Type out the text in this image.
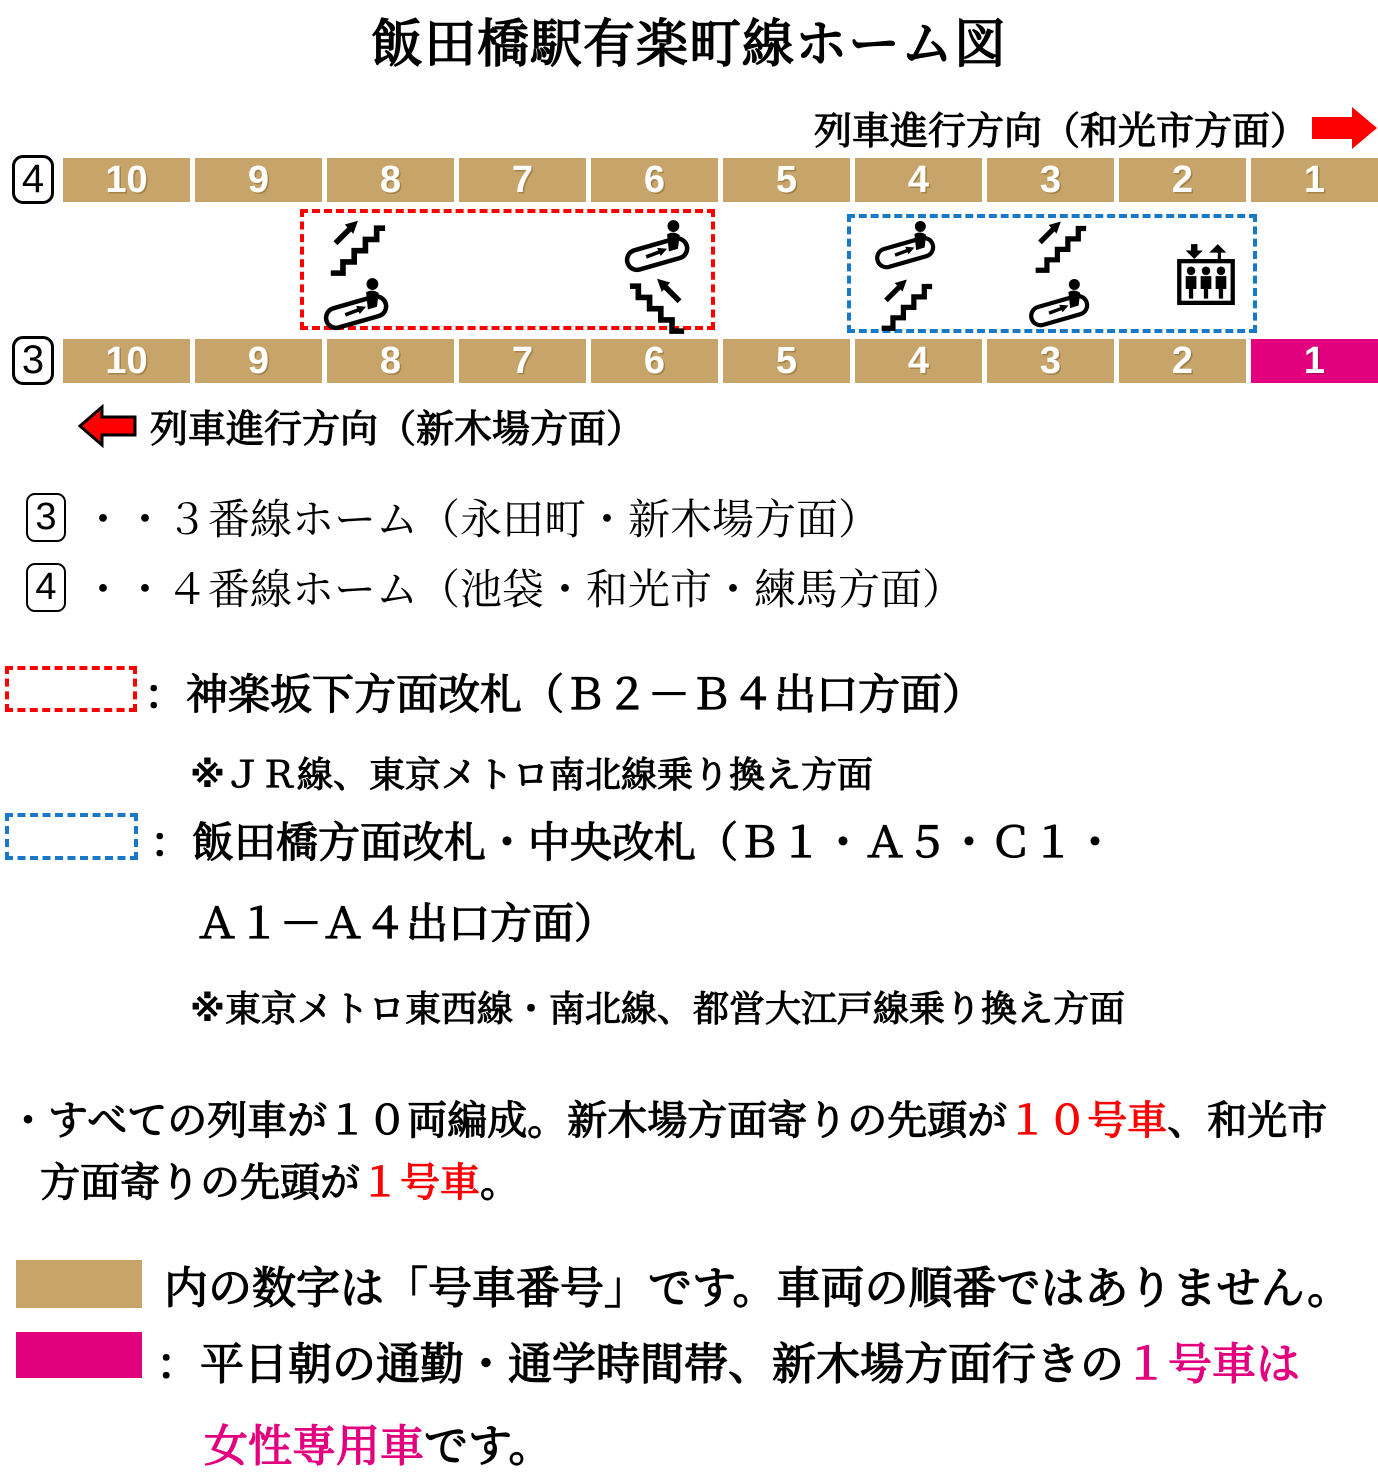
飯田橋駅有楽町線ホーム図
列車進行方向（和光市方面）
4	10	9	8	7	6	5	4	3	2	1
3	10	9	8	7	6	5	4	3	2	1
列車進行方向（新木場方面）
3 ・・３番線ホーム（永田町・新木場方面）
4 ・・４番線ホーム（池袋・和光市・練馬方面）
：神楽坂下方面改札（Ｂ２－Ｂ４出口方面）
※ＪＲ線、東京メトロ南北線乗り換え方面
：飯田橋方面改札・中央改札（Ｂ１・Ａ５・Ｃ１・
Ａ１－Ａ４出口方面）
※東京メトロ東西線・南北線、都営大江戸線乗り換え方面
・すべての列車が１０両編成。新木場方面寄りの先頭が１０号車、和光市
方面寄りの先頭が１号車。
内の数字は「号車番号」です。車両の順番ではありません。
：平日朝の通勤・通学時間帯、新木場方面行きの１号車は
女性専用車です。
